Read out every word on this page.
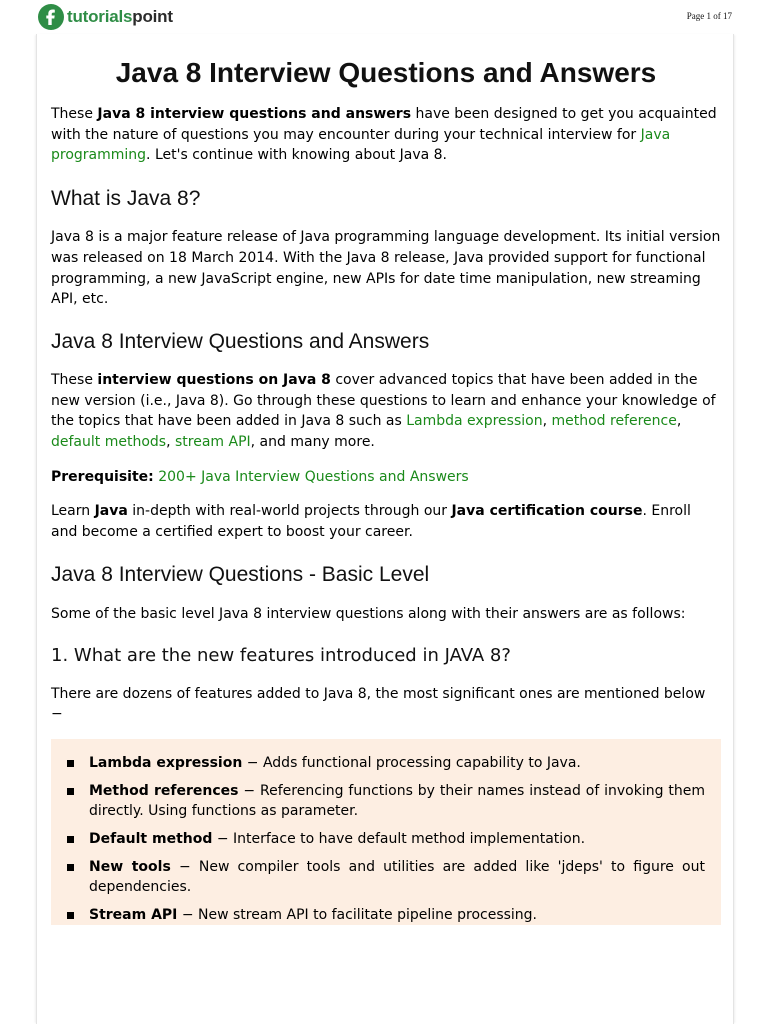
tutorialspoint	Page 1 of 17
Java 8 Interview Questions and Answers

These Java 8 interview questions and answers have been designed to get you acquainted with the nature of questions you may encounter during your technical interview for Java programming. Let's continue with knowing about Java 8.

What is Java 8?

Java 8 is a major feature release of Java programming language development. Its initial version was released on 18 March 2014. With the Java 8 release, Java provided support for functional programming, a new JavaScript engine, new APIs for date time manipulation, new streaming API, etc.

Java 8 Interview Questions and Answers

These interview questions on Java 8 cover advanced topics that have been added in the new version (i.e., Java 8). Go through these questions to learn and enhance your knowledge of the topics that have been added in Java 8 such as Lambda expression, method reference, default methods, stream API, and many more.

Prerequisite: 200+ Java Interview Questions and Answers

Learn Java in-depth with real-world projects through our Java certification course. Enroll and become a certified expert to boost your career.

Java 8 Interview Questions - Basic Level

Some of the basic level Java 8 interview questions along with their answers are as follows:

1. What are the new features introduced in JAVA 8?

There are dozens of features added to Java 8, the most significant ones are mentioned below −

Lambda expression − Adds functional processing capability to Java.
Method references − Referencing functions by their names instead of invoking them directly. Using functions as parameter.
Default method − Interface to have default method implementation.
New tools − New compiler tools and utilities are added like 'jdeps' to figure out dependencies.
Stream API − New stream API to facilitate pipeline processing.
